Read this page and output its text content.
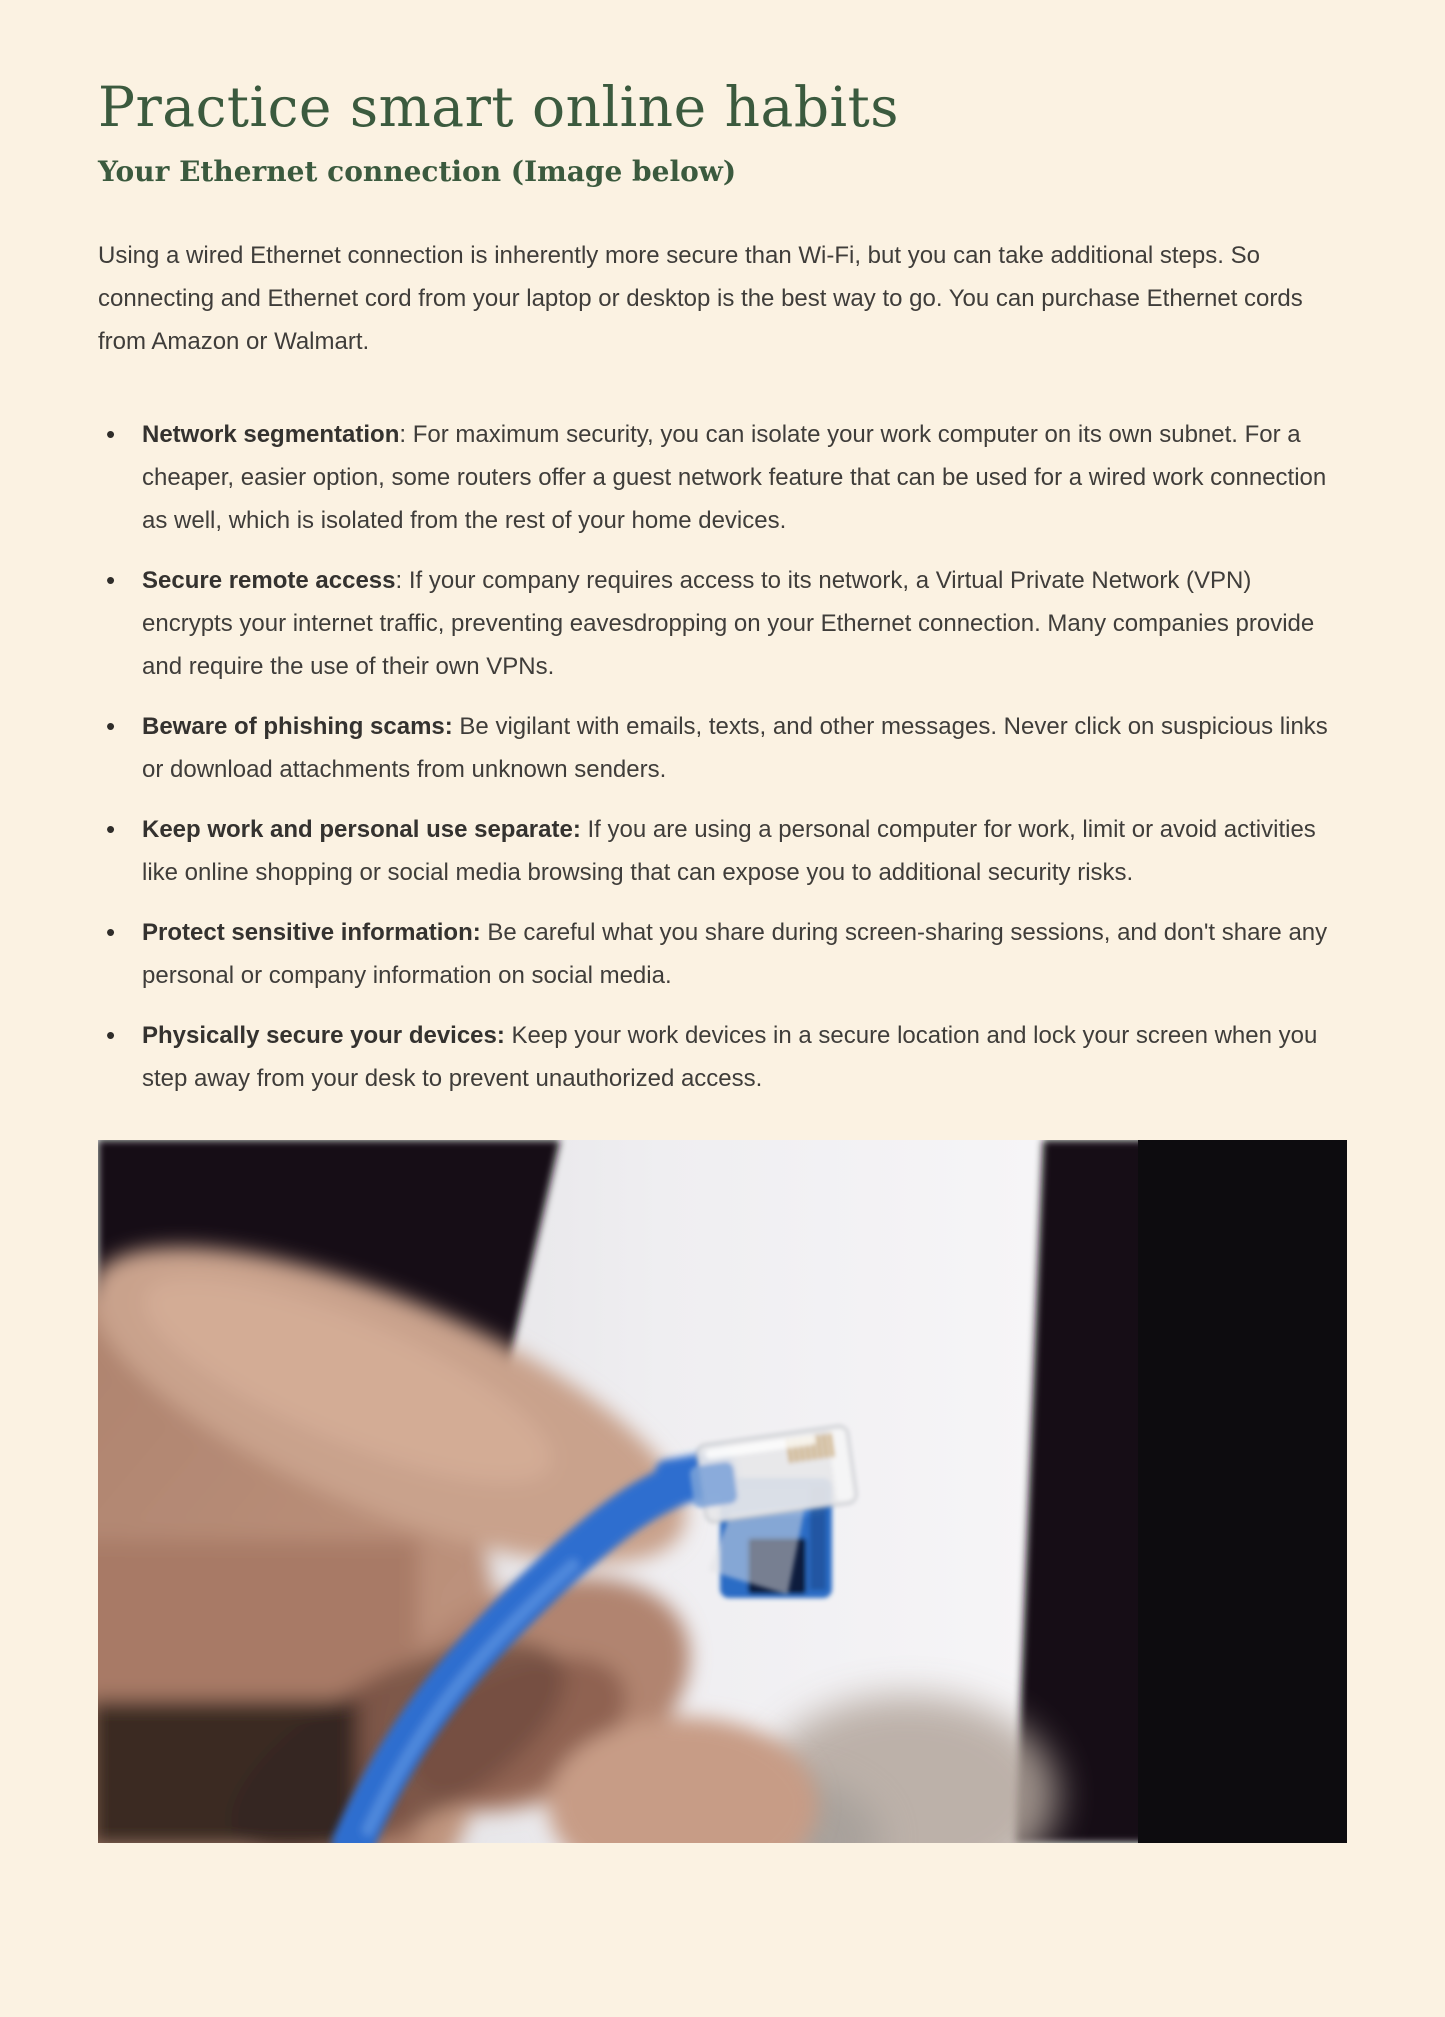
Practice smart online habits
Your Ethernet connection (Image below)

Using a wired Ethernet connection is inherently more secure than Wi-Fi, but you can take additional steps. So connecting and Ethernet cord from your laptop or desktop is the best way to go. You can purchase Ethernet cords from Amazon or Walmart.

• Network segmentation: For maximum security, you can isolate your work computer on its own subnet. For a cheaper, easier option, some routers offer a guest network feature that can be used for a wired work connection as well, which is isolated from the rest of your home devices.
• Secure remote access: If your company requires access to its network, a Virtual Private Network (VPN) encrypts your internet traffic, preventing eavesdropping on your Ethernet connection. Many companies provide and require the use of their own VPNs.
• Beware of phishing scams: Be vigilant with emails, texts, and other messages. Never click on suspicious links or download attachments from unknown senders.
• Keep work and personal use separate: If you are using a personal computer for work, limit or avoid activities like online shopping or social media browsing that can expose you to additional security risks.
• Protect sensitive information: Be careful what you share during screen-sharing sessions, and don't share any personal or company information on social media.
• Physically secure your devices: Keep your work devices in a secure location and lock your screen when you step away from your desk to prevent unauthorized access.
